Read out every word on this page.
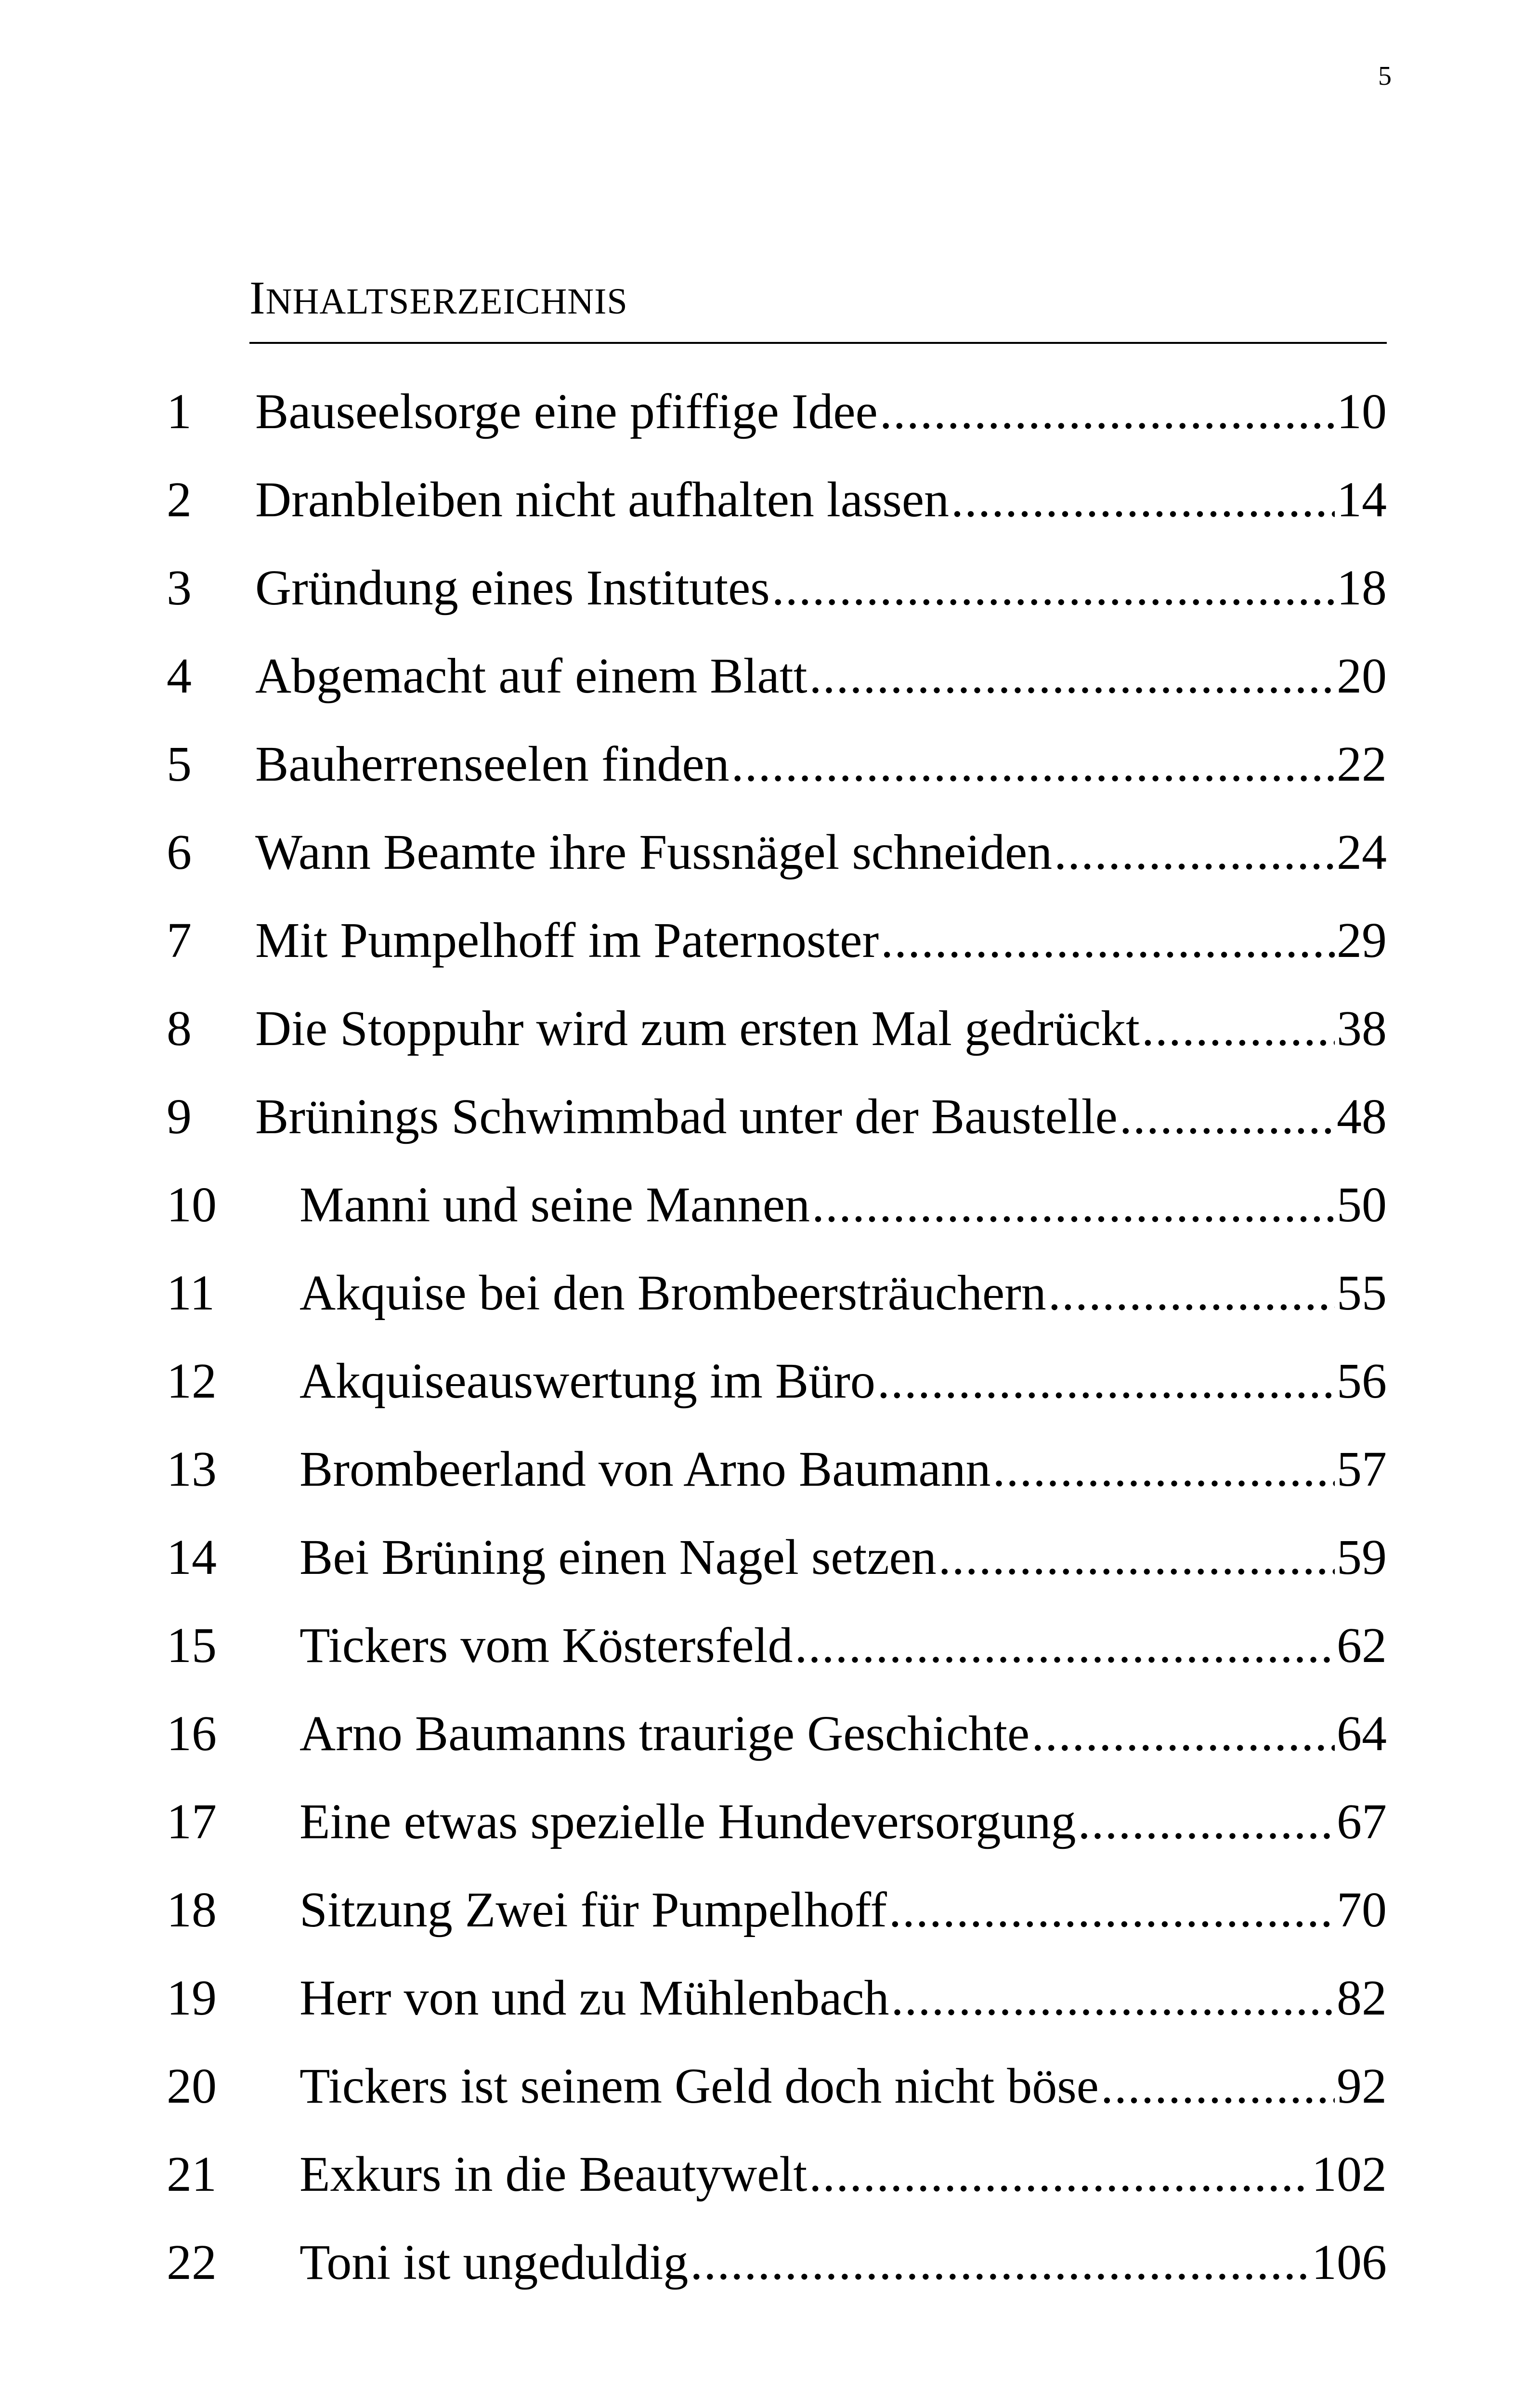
5
INHALTSERZEICHNIS
1 Bauseelsorge eine pfiffige Idee .....	10
2 Dranbleiben nicht aufhalten lassen .....	14
3 Gründung eines Institutes .....	18
4 Abgemacht auf einem Blatt .....	20
5 Bauherrenseelen finden .....	22
6 Wann Beamte ihre Fussnägel schneiden .....	24
7 Mit Pumpelhoff im Paternoster .....	29
8 Die Stoppuhr wird zum ersten Mal gedrückt .....	38
9 Brünings Schwimmbad unter der Baustelle .....	48
10 Manni und seine Mannen .....	50
11 Akquise bei den Brombeersträuchern .....	55
12 Akquiseauswertung im Büro .....	56
13 Brombeerland von Arno Baumann .....	57
14 Bei Brüning einen Nagel setzen .....	59
15 Tickers vom Köstersfeld .....	62
16 Arno Baumanns traurige Geschichte .....	64
17 Eine etwas spezielle Hundeversorgung .....	67
18 Sitzung Zwei für Pumpelhoff .....	70
19 Herr von und zu Mühlenbach .....	82
20 Tickers ist seinem Geld doch nicht böse .....	92
21 Exkurs in die Beautywelt .....	102
22 Toni ist ungeduldig .....	106
